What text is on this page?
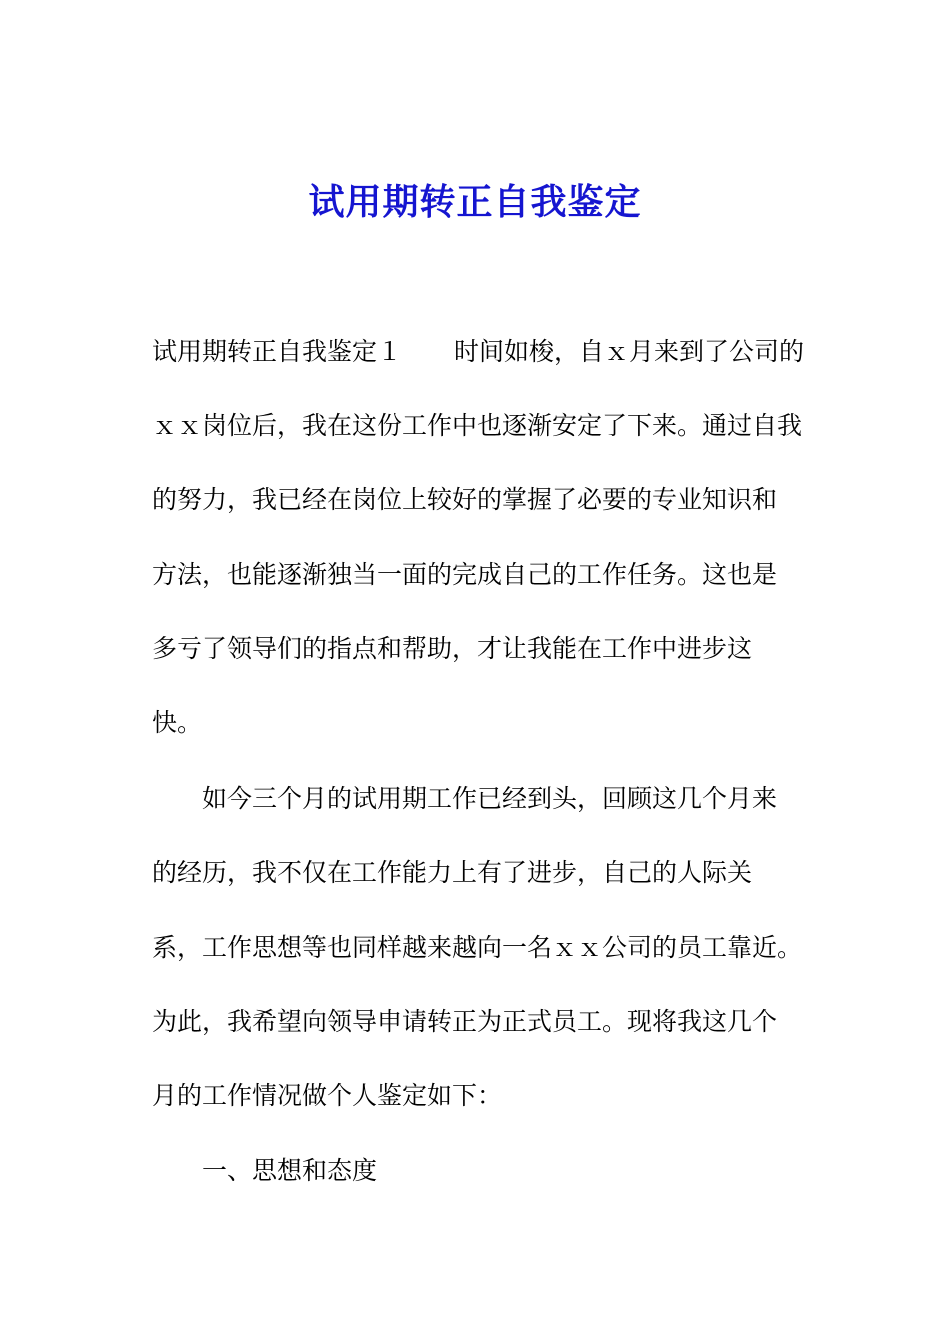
试用期转正自我鉴定
试用期转正自我鉴定１ 时间如梭，自ｘ月来到了公司的
ｘｘ岗位后，我在这份工作中也逐渐安定了下来。通过自我
的努力，我已经在岗位上较好的掌握了必要的专业知识和
方法，也能逐渐独当一面的完成自己的工作任务。这也是
多亏了领导们的指点和帮助，才让我能在工作中进步这
快。
如今三个月的试用期工作已经到头，回顾这几个月来
的经历，我不仅在工作能力上有了进步，自己的人际关
系，工作思想等也同样越来越向一名ｘｘ公司的员工靠近。
为此，我希望向领导申请转正为正式员工。现将我这几个
月的工作情况做个人鉴定如下：
一、思想和态度
